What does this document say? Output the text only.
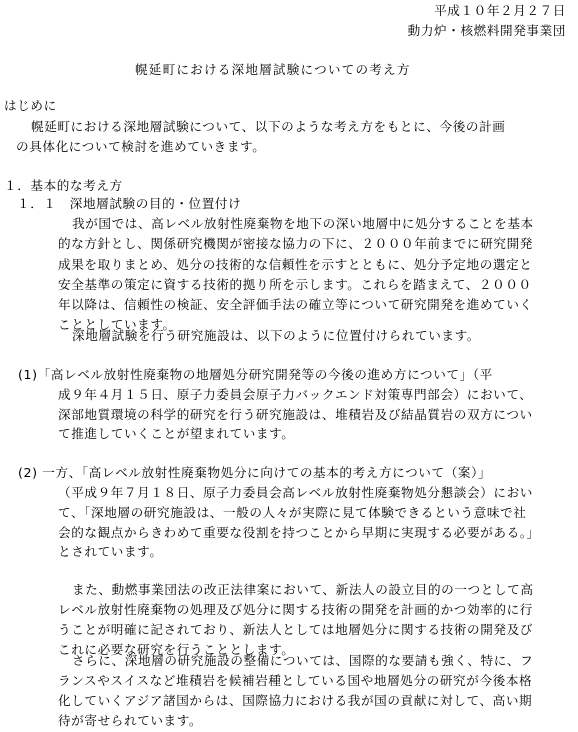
平成１０年２月２７日
動力炉・核燃料開発事業団
幌延町における深地層試験についての考え方
はじめに
幌延町における深地層試験について、以下のような考え方をもとに、今後の計画
の具体化について検討を進めていきます。
１．基本的な考え方
１．１　深地層試験の目的・位置付け
我が国では、高レベル放射性廃棄物を地下の深い地層中に処分することを基本
的な方針とし、関係研究機関が密接な協力の下に、２０００年前までに研究開発
成果を取りまとめ、処分の技術的な信頼性を示すとともに、処分予定地の選定と
安全基準の策定に資する技術的拠り所を示します。これらを踏まえて、２０００
年以降は、信頼性の検証、安全評価手法の確立等について研究開発を進めていく
こととしています。
深地層試験を行う研究施設は、以下のように位置付けられています。
(1)「高レベル放射性廃棄物の地層処分研究開発等の今後の進め方について」（平
成９年４月１５日、原子力委員会原子力バックエンド対策専門部会）において、
深部地質環境の科学的研究を行う研究施設は、堆積岩及び結晶質岩の双方につい
て推進していくことが望まれています。
(2) 一方、「高レベル放射性廃棄物処分に向けての基本的考え方について（案）」
（平成９年７月１８日、原子力委員会高レベル放射性廃棄物処分懇談会）におい
て、「深地層の研究施設は、一般の人々が実際に見て体験できるという意味で社
会的な観点からきわめて重要な役割を持つことから早期に実現する必要がある。」
とされています。
また、動燃事業団法の改正法律案において、新法人の設立目的の一つとして高
レベル放射性廃棄物の処理及び処分に関する技術の開発を計画的かつ効率的に行
うことが明確に記されており、新法人としては地層処分に関する技術の開発及び
これに必要な研究を行うこととします。
さらに、深地層の研究施設の整備については、国際的な要請も強く、特に、フ
ランスやスイスなど堆積岩を候補岩種としている国や地層処分の研究が今後本格
化していくアジア諸国からは、国際協力における我が国の貢献に対して、高い期
待が寄せられています。
